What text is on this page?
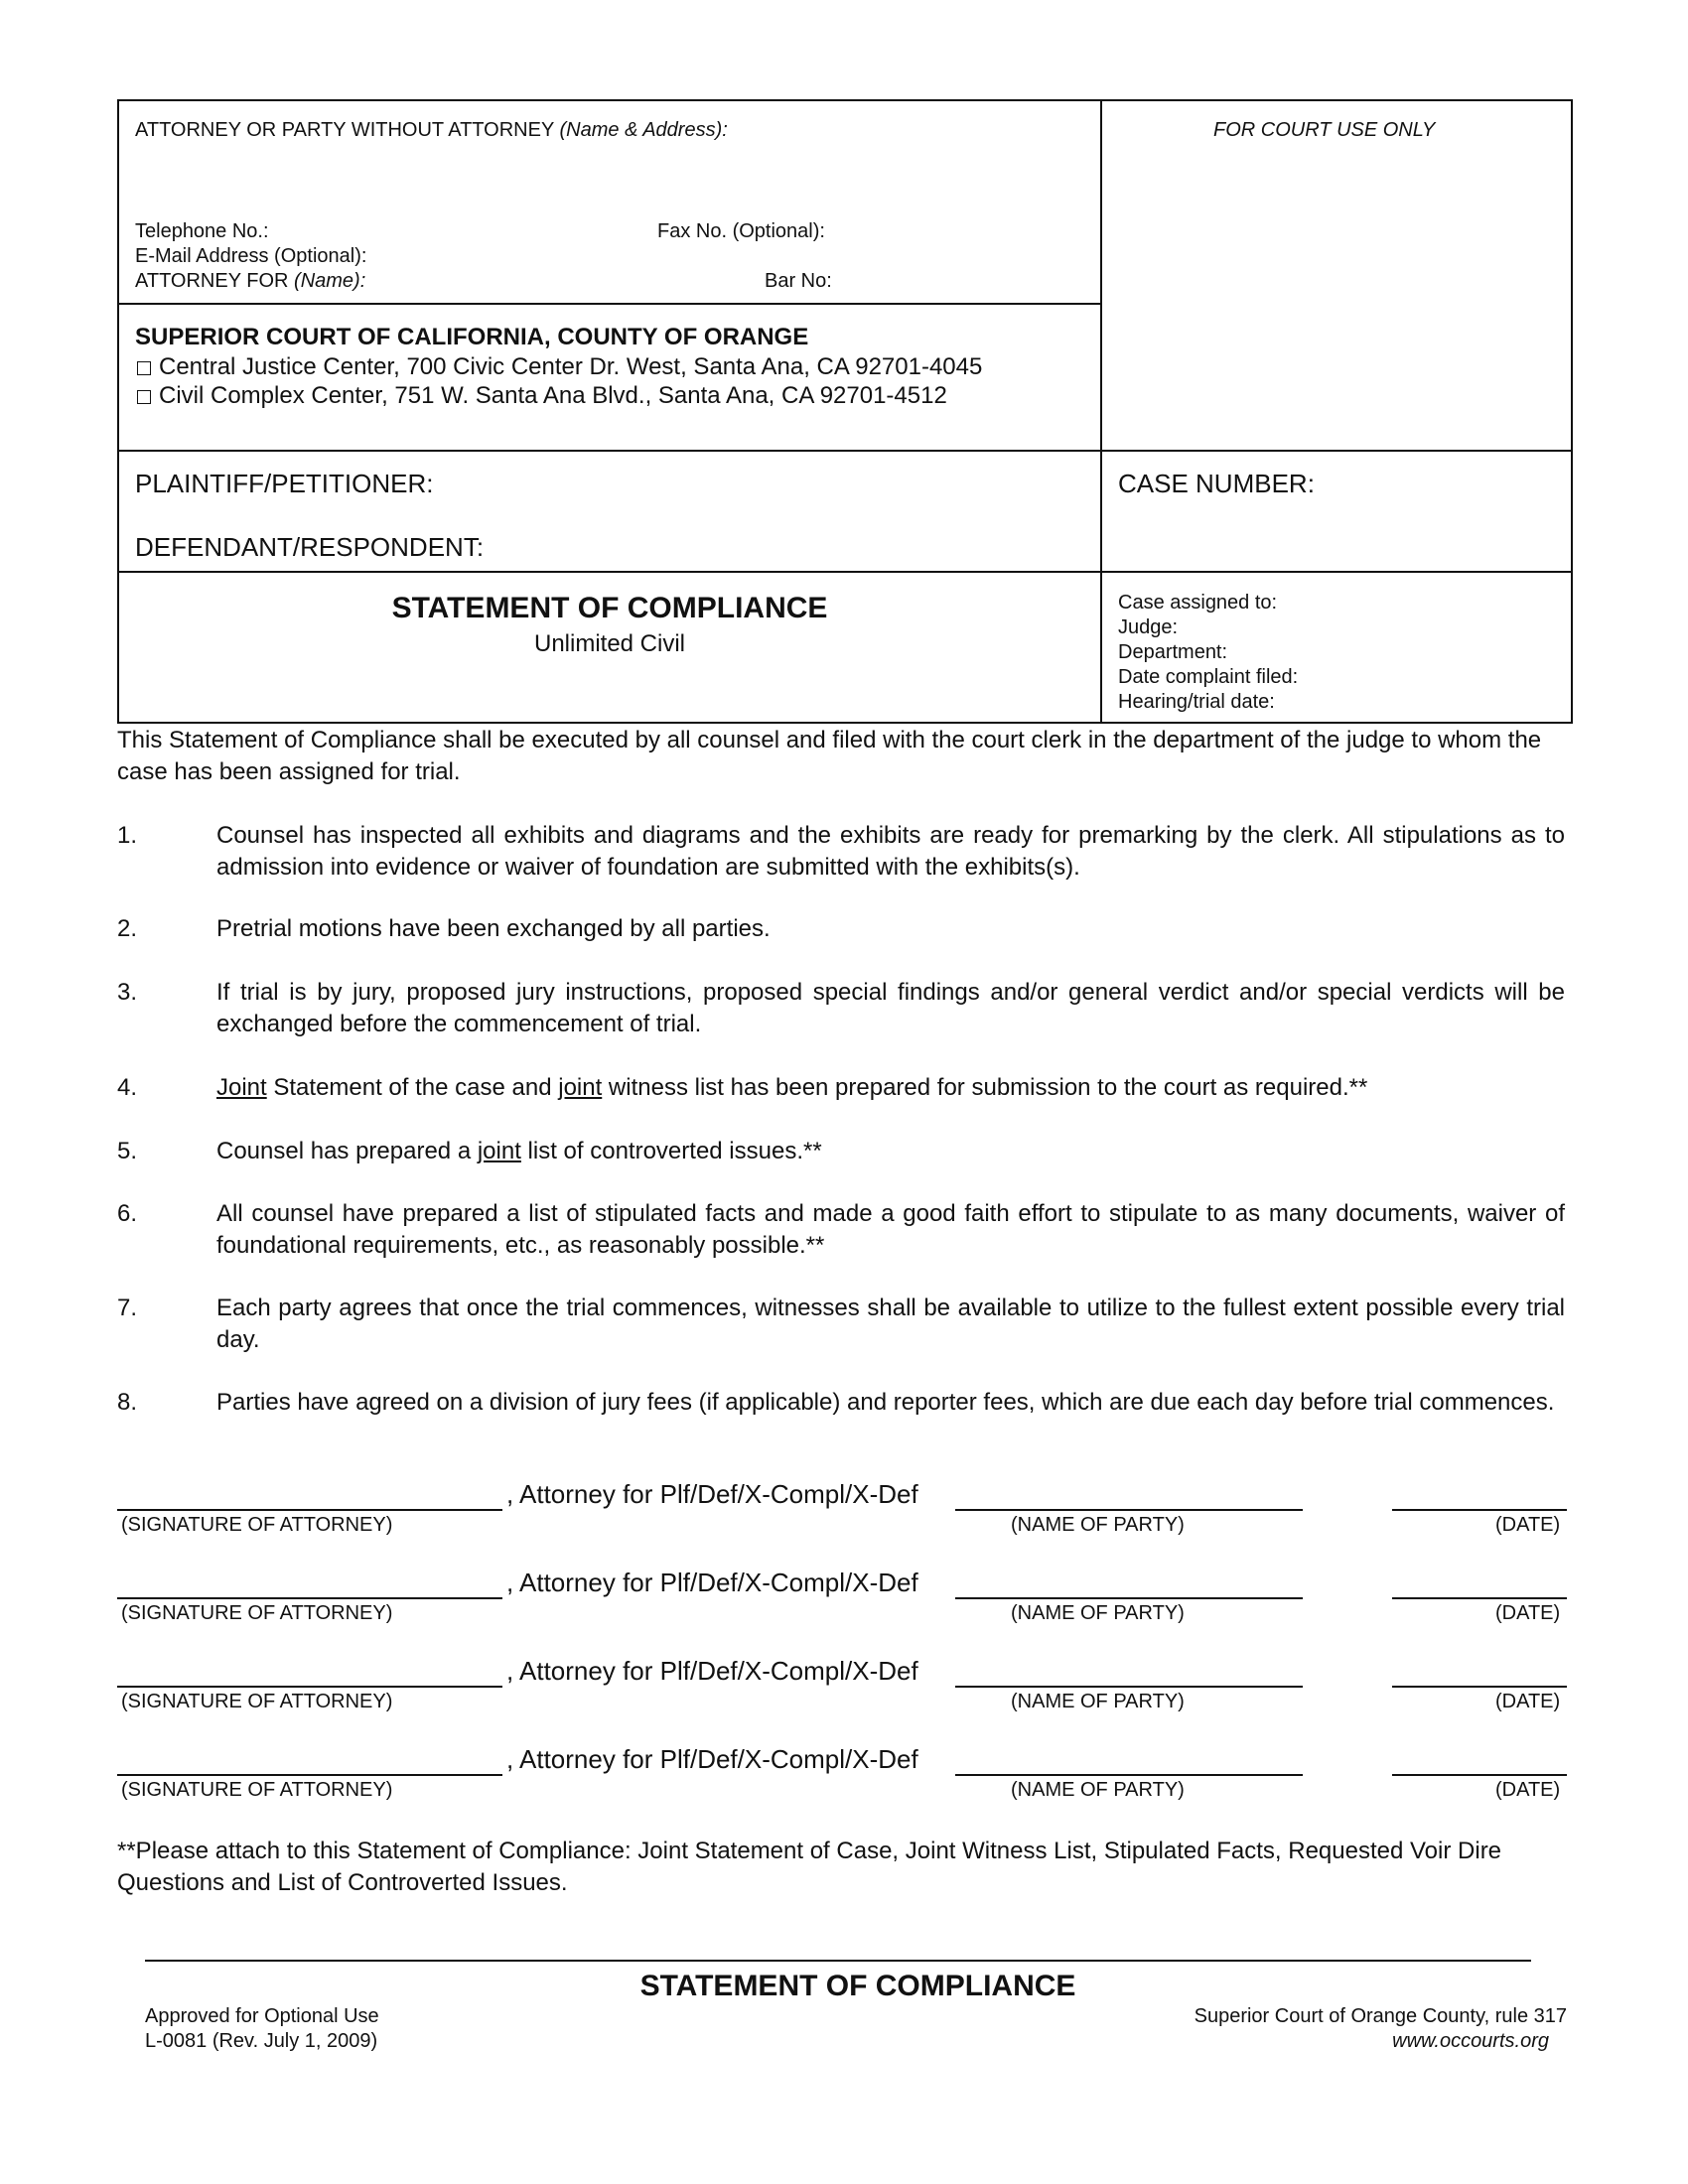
ATTORNEY OR PARTY WITHOUT ATTORNEY (Name & Address):	FOR COURT USE ONLY
Telephone No.:	Fax No. (Optional):
E-Mail Address (Optional):
ATTORNEY FOR (Name):	Bar No:
SUPERIOR COURT OF CALIFORNIA, COUNTY OF ORANGE
Central Justice Center, 700 Civic Center Dr. West, Santa Ana, CA 92701-4045
Civil Complex Center, 751 W. Santa Ana Blvd., Santa Ana, CA 92701-4512
PLAINTIFF/PETITIONER:
DEFENDANT/RESPONDENT:
CASE NUMBER:
STATEMENT OF COMPLIANCE
Unlimited Civil
Case assigned to:
Judge:
Department:
Date complaint filed:
Hearing/trial date:
This Statement of Compliance shall be executed by all counsel and filed with the court clerk in the department of the judge to whom the case has been assigned for trial.
1.	Counsel has inspected all exhibits and diagrams and the exhibits are ready for premarking by the clerk. All stipulations as to admission into evidence or waiver of foundation are submitted with the exhibits(s).
2.	Pretrial motions have been exchanged by all parties.
3.	If trial is by jury, proposed jury instructions, proposed special findings and/or general verdict and/or special verdicts will be exchanged before the commencement of trial.
4.	Joint Statement of the case and joint witness list has been prepared for submission to the court as required.**
5.	Counsel has prepared a joint list of controverted issues.**
6.	All counsel have prepared a list of stipulated facts and made a good faith effort to stipulate to as many documents, waiver of foundational requirements, etc., as reasonably possible.**
7.	Each party agrees that once the trial commences, witnesses shall be available to utilize to the fullest extent possible every trial day.
8.	Parties have agreed on a division of jury fees (if applicable) and reporter fees, which are due each day before trial commences.
, Attorney for Plf/Def/X-Compl/X-Def
(SIGNATURE OF ATTORNEY)	(NAME OF PARTY)	(DATE)
, Attorney for Plf/Def/X-Compl/X-Def
(SIGNATURE OF ATTORNEY)	(NAME OF PARTY)	(DATE)
, Attorney for Plf/Def/X-Compl/X-Def
(SIGNATURE OF ATTORNEY)	(NAME OF PARTY)	(DATE)
, Attorney for Plf/Def/X-Compl/X-Def
(SIGNATURE OF ATTORNEY)	(NAME OF PARTY)	(DATE)
**Please attach to this Statement of Compliance: Joint Statement of Case, Joint Witness List, Stipulated Facts, Requested Voir Dire Questions and List of Controverted Issues.
STATEMENT OF COMPLIANCE
Approved for Optional Use
L-0081 (Rev. July 1, 2009)
Superior Court of Orange County, rule 317
www.occourts.org
